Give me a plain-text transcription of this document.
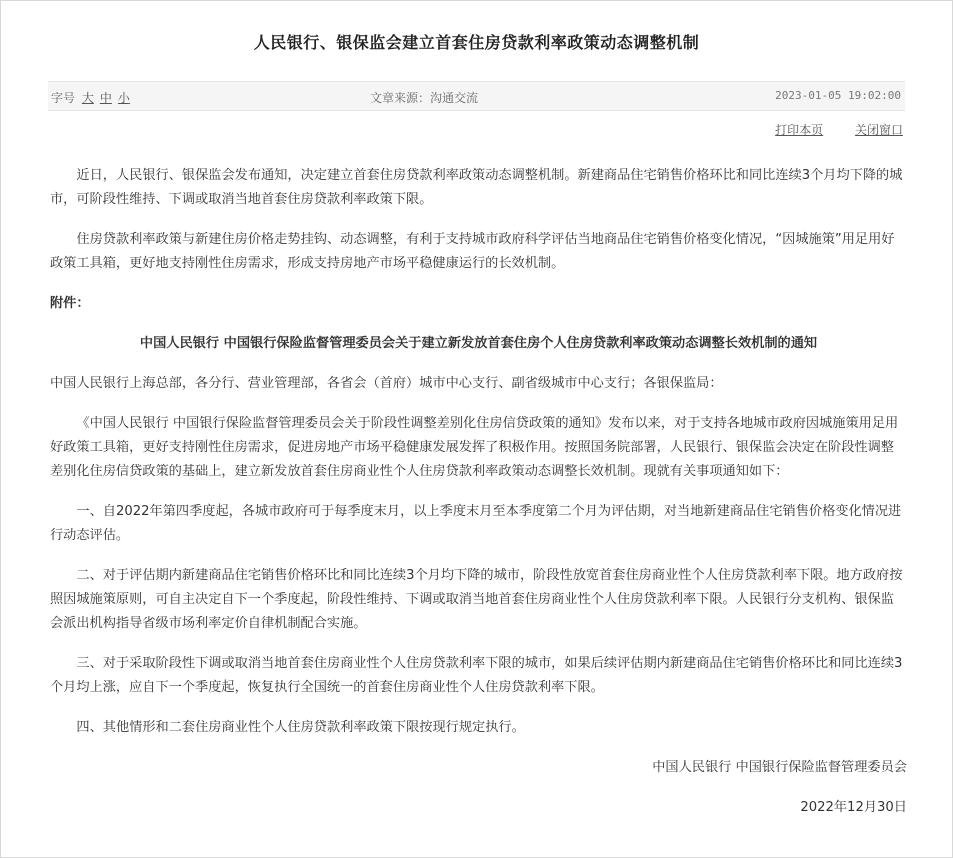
人民银行、银保监会建立首套住房贷款利率政策动态调整机制
字号 大 中 小	文章来源：沟通交流	2023-01-05 19:02:00
打印本页	关闭窗口

近日，人民银行、银保监会发布通知，决定建立首套住房贷款利率政策动态调整机制。新建商品住宅销售价格环比和同比连续3个月均下降的城市，可阶段性维持、下调或取消当地首套住房贷款利率政策下限。

住房贷款利率政策与新建住房价格走势挂钩、动态调整，有利于支持城市政府科学评估当地商品住宅销售价格变化情况，“因城施策”用足用好政策工具箱，更好地支持刚性住房需求，形成支持房地产市场平稳健康运行的长效机制。

附件：

中国人民银行 中国银行保险监督管理委员会关于建立新发放首套住房个人住房贷款利率政策动态调整长效机制的通知

中国人民银行上海总部，各分行、营业管理部，各省会（首府）城市中心支行、副省级城市中心支行；各银保监局：

《中国人民银行 中国银行保险监督管理委员会关于阶段性调整差别化住房信贷政策的通知》发布以来，对于支持各地城市政府因城施策用足用好政策工具箱，更好支持刚性住房需求，促进房地产市场平稳健康发展发挥了积极作用。按照国务院部署，人民银行、银保监会决定在阶段性调整差别化住房信贷政策的基础上，建立新发放首套住房商业性个人住房贷款利率政策动态调整长效机制。现就有关事项通知如下：

一、自2022年第四季度起，各城市政府可于每季度末月，以上季度末月至本季度第二个月为评估期，对当地新建商品住宅销售价格变化情况进行动态评估。

二、对于评估期内新建商品住宅销售价格环比和同比连续3个月均下降的城市，阶段性放宽首套住房商业性个人住房贷款利率下限。地方政府按照因城施策原则，可自主决定自下一个季度起，阶段性维持、下调或取消当地首套住房商业性个人住房贷款利率下限。人民银行分支机构、银保监会派出机构指导省级市场利率定价自律机制配合实施。

三、对于采取阶段性下调或取消当地首套住房商业性个人住房贷款利率下限的城市，如果后续评估期内新建商品住宅销售价格环比和同比连续3个月均上涨，应自下一个季度起，恢复执行全国统一的首套住房商业性个人住房贷款利率下限。

四、其他情形和二套住房商业性个人住房贷款利率政策下限按现行规定执行。

中国人民银行 中国银行保险监督管理委员会

2022年12月30日
